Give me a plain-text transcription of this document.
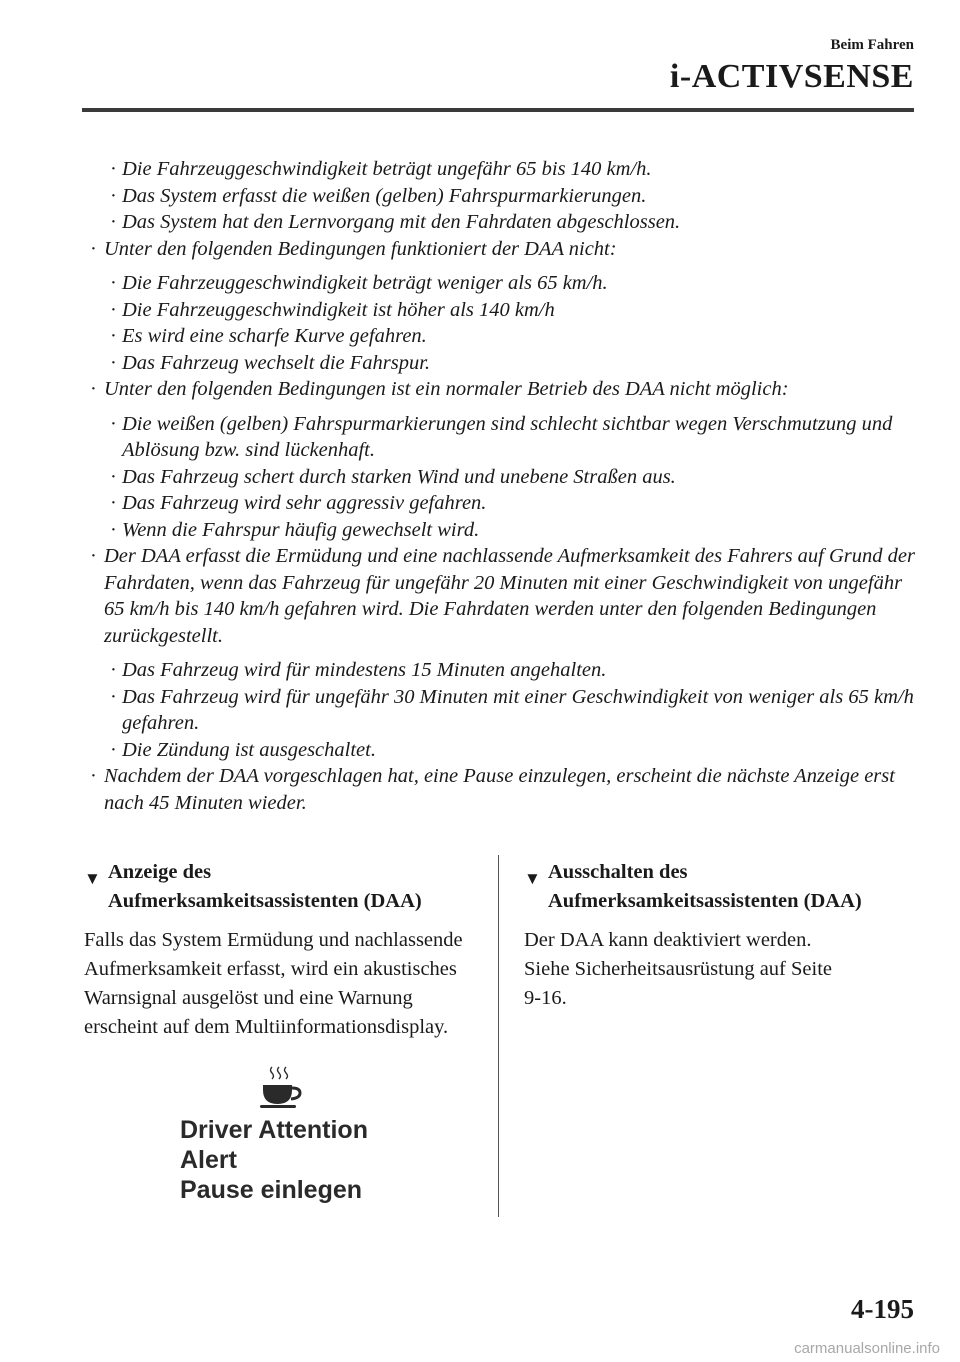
Beim Fahren
i-ACTIVSENSE
· Die Fahrzeuggeschwindigkeit beträgt ungefähr 65 bis 140 km/h.
· Das System erfasst die weißen (gelben) Fahrspurmarkierungen.
· Das System hat den Lernvorgang mit den Fahrdaten abgeschlossen.
· Unter den folgenden Bedingungen funktioniert der DAA nicht:
· Die Fahrzeuggeschwindigkeit beträgt weniger als 65 km/h.
· Die Fahrzeuggeschwindigkeit ist höher als 140 km/h
· Es wird eine scharfe Kurve gefahren.
· Das Fahrzeug wechselt die Fahrspur.
· Unter den folgenden Bedingungen ist ein normaler Betrieb des DAA nicht möglich:
· Die weißen (gelben) Fahrspurmarkierungen sind schlecht sichtbar wegen Verschmutzung und Ablösung bzw. sind lückenhaft.
· Das Fahrzeug schert durch starken Wind und unebene Straßen aus.
· Das Fahrzeug wird sehr aggressiv gefahren.
· Wenn die Fahrspur häufig gewechselt wird.
· Der DAA erfasst die Ermüdung und eine nachlassende Aufmerksamkeit des Fahrers auf Grund der Fahrdaten, wenn das Fahrzeug für ungefähr 20 Minuten mit einer Geschwindigkeit von ungefähr 65 km/h bis 140 km/h gefahren wird. Die Fahrdaten werden unter den folgenden Bedingungen zurückgestellt.
· Das Fahrzeug wird für mindestens 15 Minuten angehalten.
· Das Fahrzeug wird für ungefähr 30 Minuten mit einer Geschwindigkeit von weniger als 65 km/h gefahren.
· Die Zündung ist ausgeschaltet.
· Nachdem der DAA vorgeschlagen hat, eine Pause einzulegen, erscheint die nächste Anzeige erst nach 45 Minuten wieder.
▼ Anzeige des
Aufmerksamkeitsassistenten (DAA)
Falls das System Ermüdung und nachlassende Aufmerksamkeit erfasst, wird ein akustisches Warnsignal ausgelöst und eine Warnung erscheint auf dem Multiinformationsdisplay.
Driver Attention
Alert
Pause einlegen
▼ Ausschalten des
Aufmerksamkeitsassistenten (DAA)
Der DAA kann deaktiviert werden.
Siehe Sicherheitsausrüstung auf Seite
9-16.
4-195
carmanualsonline.info
